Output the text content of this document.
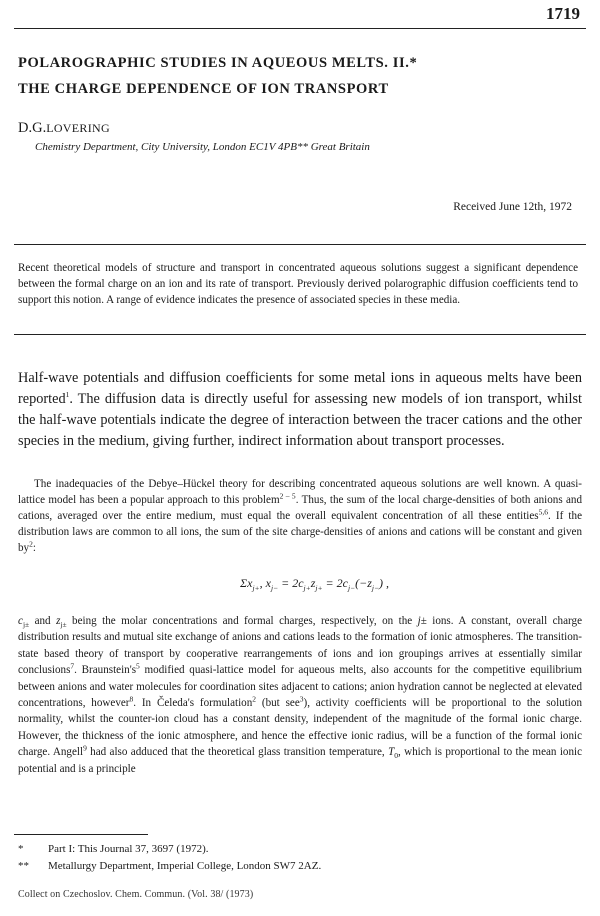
1719
POLAROGRAPHIC STUDIES IN AQUEOUS MELTS. II.*
THE CHARGE DEPENDENCE OF ION TRANSPORT
D.G.LOVERING
Chemistry Department, City University, London EC1V 4PB** Great Britain
Received June 12th, 1972
Recent theoretical models of structure and transport in concentrated aqueous solutions suggest a significant dependence between the formal charge on an ion and its rate of transport. Previously derived polarographic diffusion coefficients tend to support this notion. A range of evidence indicates the presence of associated species in these media.
Half-wave potentials and diffusion coefficients for some metal ions in aqueous melts have been reported$^1$. The diffusion data is directly useful for assessing new models of ion transport, whilst the half-wave potentials indicate the degree of interaction between the tracer cations and the other species in the medium, giving further, indirect information about transport processes.
The inadequacies of the Debye–Hückel theory for describing concentrated aqueous solutions are well known. A quasi-lattice model has been a popular approach to this problem$^{2 - 5}$. Thus, the sum of the local charge-densities of both anions and cations, averaged over the entire medium, must equal the overall equivalent concentration of all these entities$^{5,6}$. If the distribution laws are common to all ions, the sum of the site charge-densities of anions and cations will be constant and given $by^2$:
$\Sigma x_{j+}$, $x_{j-} = 2c_{j+}z_{j+} = 2c_{j-}(-z_{j-})$ ,
$c_{j\pm}$ and $z_{j\pm}$ being the molar concentrations and formal charges, respectively, on the j± ions. A constant, overall charge distribution results and mutual site exchange of anions and cations leads to the formation of ionic atmospheres. The transition-state based theory of transport by cooperative rearrangements of ions and ion groupings arrives at essentially similar conclusions$^7$. $Braunstein's^5$ modified quasi-lattice model for aqueous melts, also accounts for the competitive equilibrium between anions and water molecules for coordination sites adjacent to cations; anion hydration cannot be neglected at elevated concentrations, however$^8$. In Čeleda's formulation$^2$ (but see$^3$), activity coefficients will be proportional to the solution normality, whilst the counter-ion cloud has a constant density, independent of the magnitude of the formal ionic charge. However, the thickness of the ionic atmosphere, and hence the effective ionic radius, will be a function of the formal ionic charge. Angell$^9$ had also adduced that the theoretical glass transition temperature, $T_0$, which is proportional to the mean ionic potential and is a principle
* Part I: This Journal 37, 3697 (1972).
** Metallurgy Department, Imperial College, London SW7 2AZ.
Collect on Czechoslov. Chem. Commun. (Vol. 38/ (1973)
